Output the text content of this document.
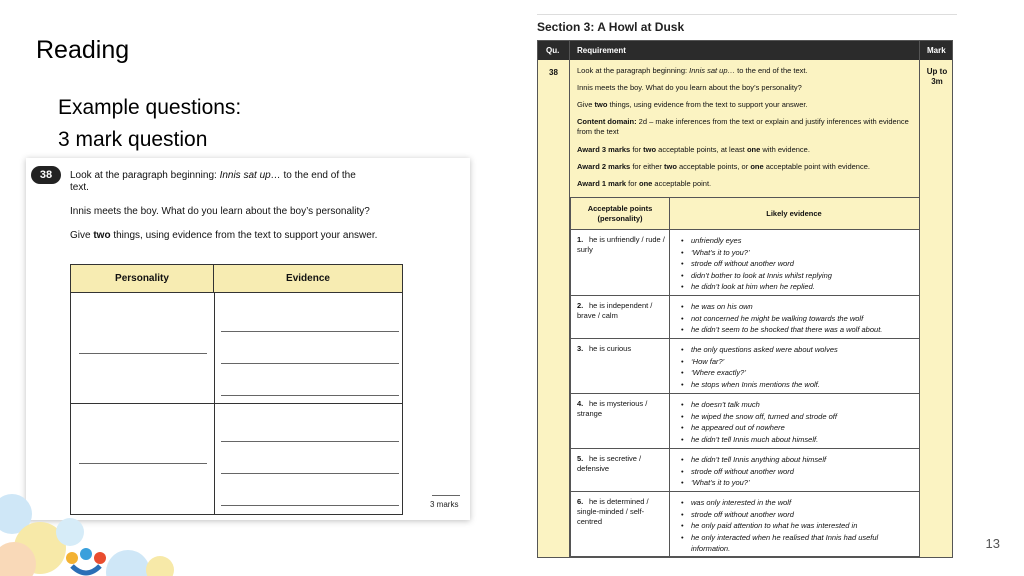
Reading
Example questions:
3 mark question
38	Look at the paragraph beginning: Innis sat up… to the end of the text.
Innis meets the boy. What do you learn about the boy’s personality?
Give two things, using evidence from the text to support your answer.
Personality	Evidence
3 marks
Section 3: A Howl at Dusk
Qu. Requirement	Mark
38	Up to 3m
Look at the paragraph beginning: Innis sat up… to the end of the text.
Innis meets the boy. What do you learn about the boy’s personality?
Give two things, using evidence from the text to support your answer.
Content domain: 2d – make inferences from the text or explain and justify inferences with evidence from the text
Award 3 marks for two acceptable points, at least one with evidence.
Award 2 marks for either two acceptable points, or one acceptable point with evidence.
Award 1 mark for one acceptable point.
Acceptable points (personality)
Likely evidence
1. he is unfriendly / rude / surly
• unfriendly eyes
• ‘What’s it to you?’
• strode off without another word
• didn’t bother to look at Innis whilst replying
• he didn’t look at him when he replied.
2. he is independent / brave / calm
• he was on his own
• not concerned he might be walking towards the wolf
• he didn’t seem to be shocked that there was a wolf about.
3. he is curious
•	the only questions asked were about wolves
• ‘How far?’
• ‘Where exactly?’
• he stops when Innis mentions the wolf.
4. he is mysterious / strange
• he doesn’t talk much
• he wiped the snow off, turned and strode off
• he appeared out of nowhere
• he didn’t tell Innis much about himself.
5. he is secretive / defensive
• he didn’t tell Innis anything about himself
• strode off without another word
• ‘What’s it to you?’
6. he is determined / single-minded / self-centred
• was only interested in the wolf
• strode off without another word
• he only paid attention to what he was interested in
• he only interacted when he realised that Innis had useful information.	13
